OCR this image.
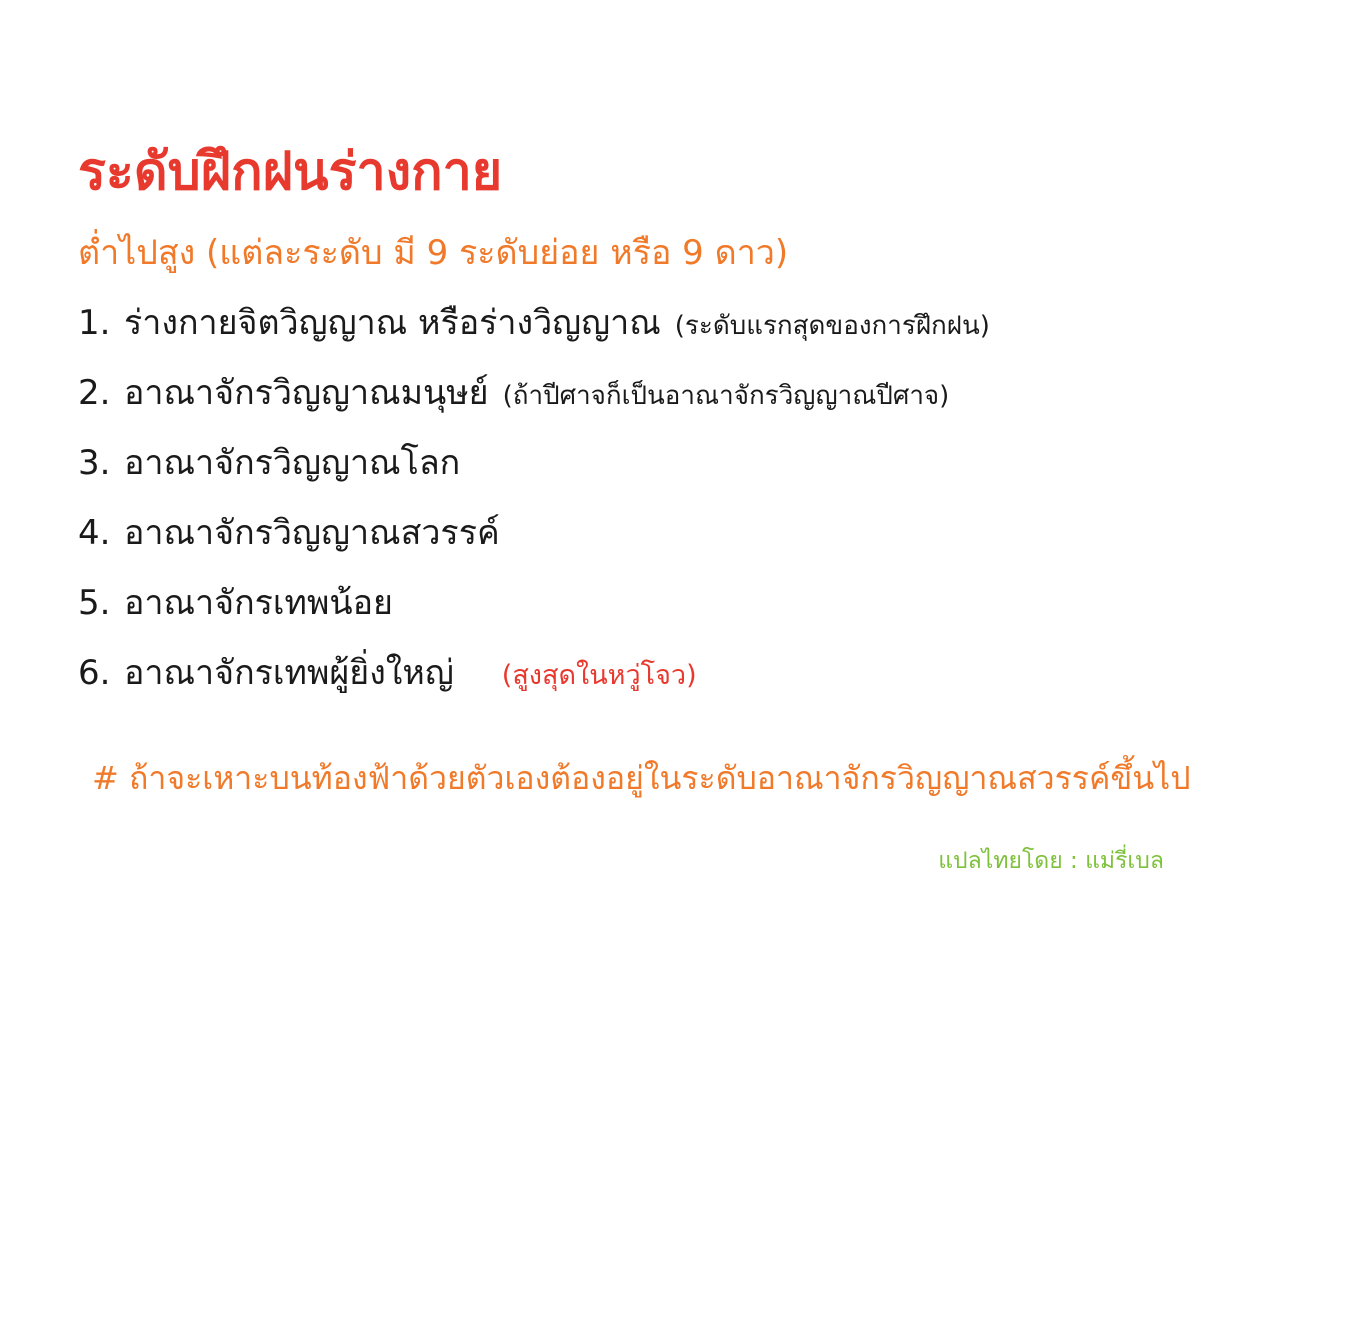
ระดับฝึกฝนร่างกาย
ต่ำไปสูง (แต่ละระดับ มี 9 ระดับย่อย หรือ 9 ดาว)
1. ร่างกายจิตวิญญาณ หรือร่างวิญญาณ (ระดับแรกสุดของการฝึกฝน)
2. อาณาจักรวิญญาณมนุษย์ (ถ้าปีศาจก็เป็นอาณาจักรวิญญาณปีศาจ)
3. อาณาจักรวิญญาณโลก
4. อาณาจักรวิญญาณสวรรค์
5. อาณาจักรเทพน้อย
6. อาณาจักรเทพผู้ยิ่งใหญ่ (สูงสุดในหวู่โจว)
# ถ้าจะเหาะบนท้องฟ้าด้วยตัวเองต้องอยู่ในระดับอาณาจักรวิญญาณสวรรค์ขึ้นไป
แปลไทยโดย : แม่รี่เบล
